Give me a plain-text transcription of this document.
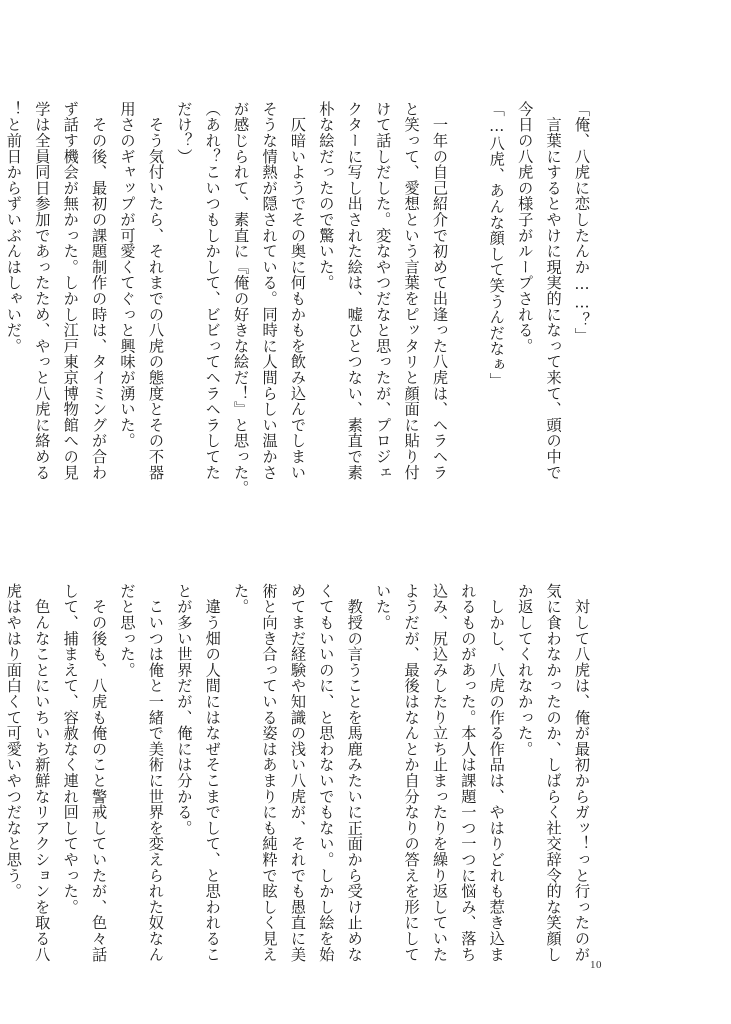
「俺、八虎に恋したんか……？」
　言葉にするとやけに現実的になって来て、頭の中で
今日の八虎の様子がループされる。
「…八虎、あんな顔して笑うんだなぁ」

　一年の自己紹介で初めて出逢った八虎は、ヘラヘラ
と笑って、愛想という言葉をピッタリと顔面に貼り付
けて話しだした。変なやつだなと思ったが、プロジェ
クターに写し出された絵は、嘘ひとつない、素直で素
朴な絵だったので驚いた。
　仄暗いようでその奥に何もかもを飲み込んでしまい
そうな情熱が隠されている。同時に人間らしい温かさ
が感じられて、素直に『俺の好きな絵だ！』と思った。
（あれ？こいつもしかして、ビビってヘラヘラしてた
だけ？）
　そう気付いたら、それまでの八虎の態度とその不器
用さのギャップが可愛くてぐっと興味が湧いた。
　その後、最初の課題制作の時は、タイミングが合わ
ず話す機会が無かった。しかし江戸東京博物館への見
学は全員同日参加であったため、やっと八虎に絡める
！と前日からずいぶんはしゃいだ。
　対して八虎は、俺が最初からガッ！っと行ったのが
気に食わなかったのか、しばらく社交辞令的な笑顔し
か返してくれなかった。
　しかし、八虎の作る作品は、やはりどれも惹き込ま
れるものがあった。本人は課題一つ一つに悩み、落ち
込み、尻込みしたり立ち止まったりを繰り返していた
ようだが、最後はなんとか自分なりの答えを形にして
いた。
　教授の言うことを馬鹿みたいに正面から受け止めな
くてもいいのに、と思わないでもない。しかし絵を始
めてまだ経験や知識の浅い八虎が、それでも愚直に美
術と向き合っている姿はあまりにも純粋で眩しく見え
た。
　違う畑の人間にはなぜそこまでして、と思われるこ
とが多い世界だが、俺には分かる。
　こいつは俺と一緒で美術に世界を変えられた奴なん
だと思った。
　その後も、八虎も俺のこと警戒していたが、色々話
して、捕まえて、容赦なく連れ回してやった。
　色んなことにいちいち新鮮なリアクションを取る八
虎はやはり面白くて可愛いやつだなと思う。
10
